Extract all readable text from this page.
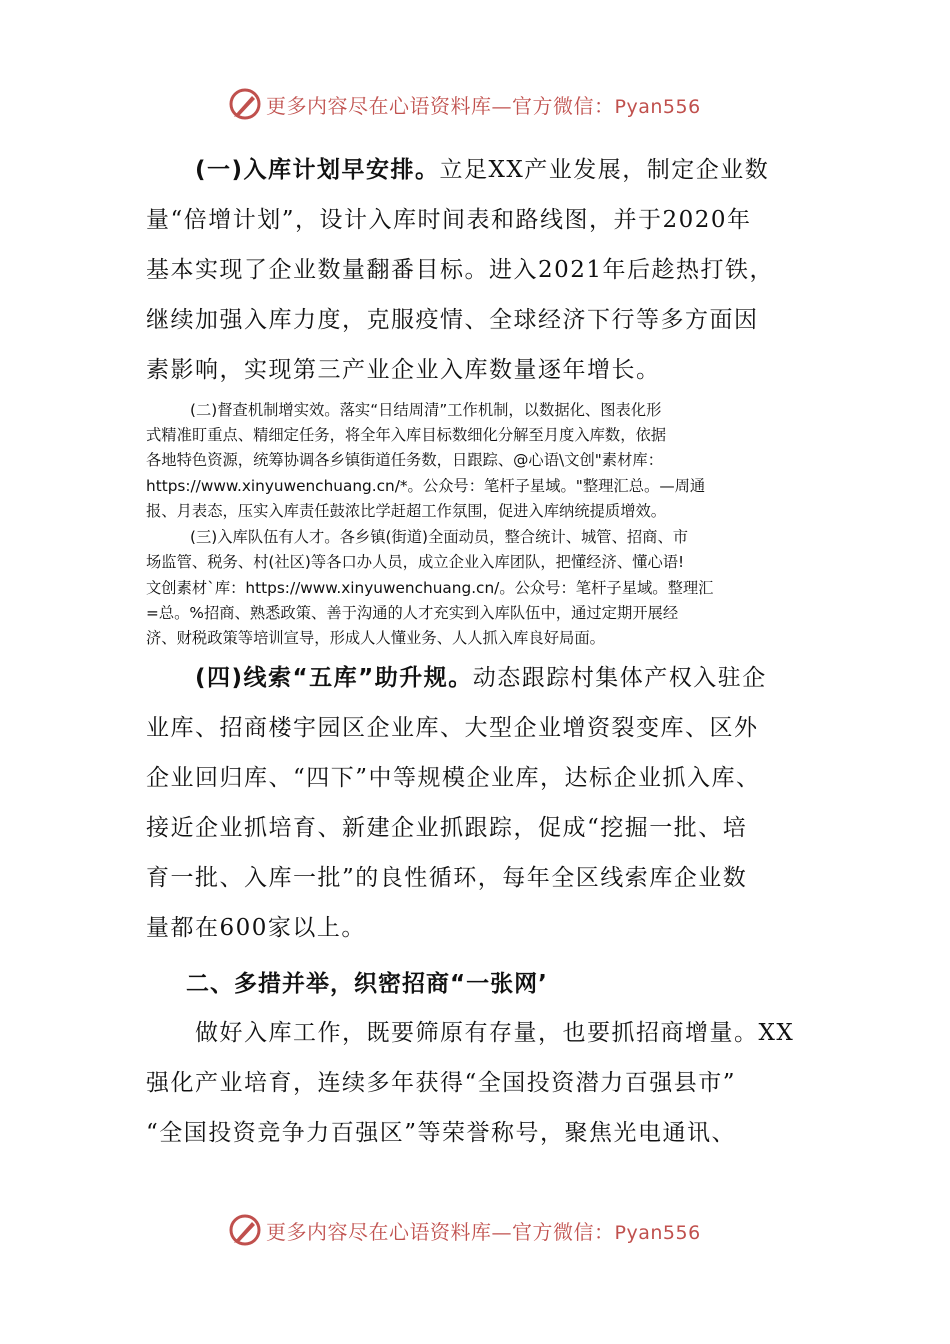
更多内容尽在心语资料库—官方微信：Pyan556

　　(一)入库计划早安排。立足XX产业发展，制定企业数

量“倍增计划”，设计入库时间表和路线图，并于2020年

基本实现了企业数量翻番目标。进入2021年后趁热打铁，

继续加强入库力度，克服疫情、全球经济下行等多方面因

素影响，实现第三产业企业入库数量逐年增长。

(二)督查机制增实效。落实“日结周清”工作机制，以数据化、图表化形

式精准盯重点、精细定任务，将全年入库目标数细化分解至月度入库数，依据

各地特色资源，统筹协调各乡镇街道任务数，日跟踪、@心语\文创"素材库：

https://www.xinyuwenchuang.cn/*。公众号：笔杆子星域。"整理汇总。—周通

报、月表态，压实入库责任鼓浓比学赶超工作氛围，促进入库纳统提质增效。

(三)入库队伍有人才。各乡镇(街道)全面动员，整合统计、城管、招商、市

场监管、税务、村(社区)等各口办人员，成立企业入库团队，把懂经济、懂心语!

文创素材`库：https://www.xinyuwenchuang.cn/。公众号：笔杆子星域。整理汇

=总。%招商、熟悉政策、善于沟通的人才充实到入库队伍中，通过定期开展经

济、财税政策等培训宣导，形成人人懂业务、人人抓入库良好局面。

　　(四)线索“五库”助升规。动态跟踪村集体产权入驻企

业库、招商楼宇园区企业库、大型企业增资裂变库、区外

企业回归库、“四下”中等规模企业库，达标企业抓入库、

接近企业抓培育、新建企业抓跟踪，促成“挖掘一批、培

育一批、入库一批”的良性循环，每年全区线索库企业数

量都在600家以上。

二、多措并举，织密招商“一张网’

　　做好入库工作，既要筛原有存量，也要抓招商增量。XX

强化产业培育，连续多年获得“全国投资潜力百强县市”

“全国投资竞争力百强区”等荣誉称号，聚焦光电通讯、

更多内容尽在心语资料库—官方微信：Pyan556
